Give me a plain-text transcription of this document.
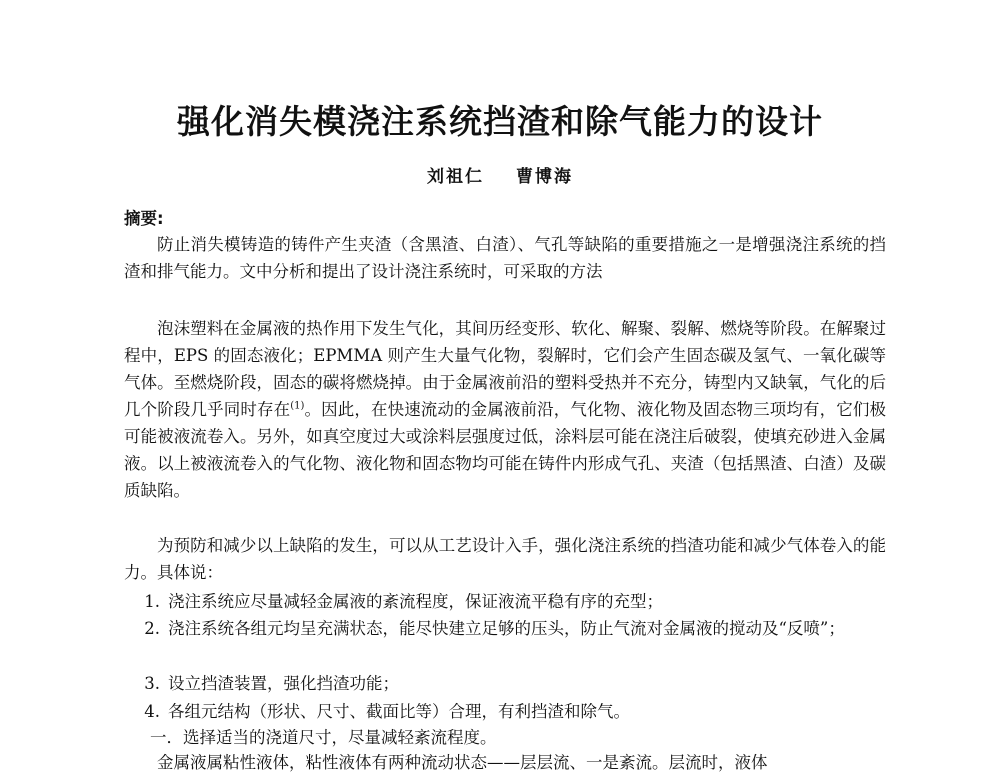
强化消失模浇注系统挡渣和除气能力的设计
刘祖仁 曹博海
摘要:
防止消失模铸造的铸件产生夹渣（含黑渣、白渣）、气孔等缺陷的重要措施之一是增强浇注系统的挡渣和排气能力。文中分析和提出了设计浇注系统时，可采取的方法
泡沫塑料在金属液的热作用下发生气化，其间历经变形、软化、解聚、裂解、燃烧等阶段。在解聚过程中，EPS 的固态液化；EPMMA 则产生大量气化物，裂解时，它们会产生固态碳及氢气、一氧化碳等气体。至燃烧阶段，固态的碳将燃烧掉。由于金属液前沿的塑料受热并不充分，铸型内又缺氧，气化的后几个阶段几乎同时存在$^{(1)}$。因此，在快速流动的金属液前沿，气化物、液化物及固态物三项均有，它们极可能被液流卷入。另外，如真空度过大或涂料层强度过低，涂料层可能在浇注后破裂，使填充砂进入金属液。以上被液流卷入的气化物、液化物和固态物均可能在铸件内形成气孔、夹渣（包括黑渣、白渣）及碳质缺陷。
为预防和减少以上缺陷的发生，可以从工艺设计入手，强化浇注系统的挡渣功能和减少气体卷入的能力。具体说：
1. 浇注系统应尽量减轻金属液的紊流程度，保证液流平稳有序的充型；
2. 浇注系统各组元均呈充满状态，能尽快建立足够的压头，防止气流对金属液的搅动及“反喷”；
3. 设立挡渣装置，强化挡渣功能；
4. 各组元结构（形状、尺寸、截面比等）合理，有利挡渣和除气。
一．选择适当的浇道尺寸，尽量减轻紊流程度。
金属液属粘性液体，粘性液体有两种流动状态——层层流、一是紊流。层流时，液体
